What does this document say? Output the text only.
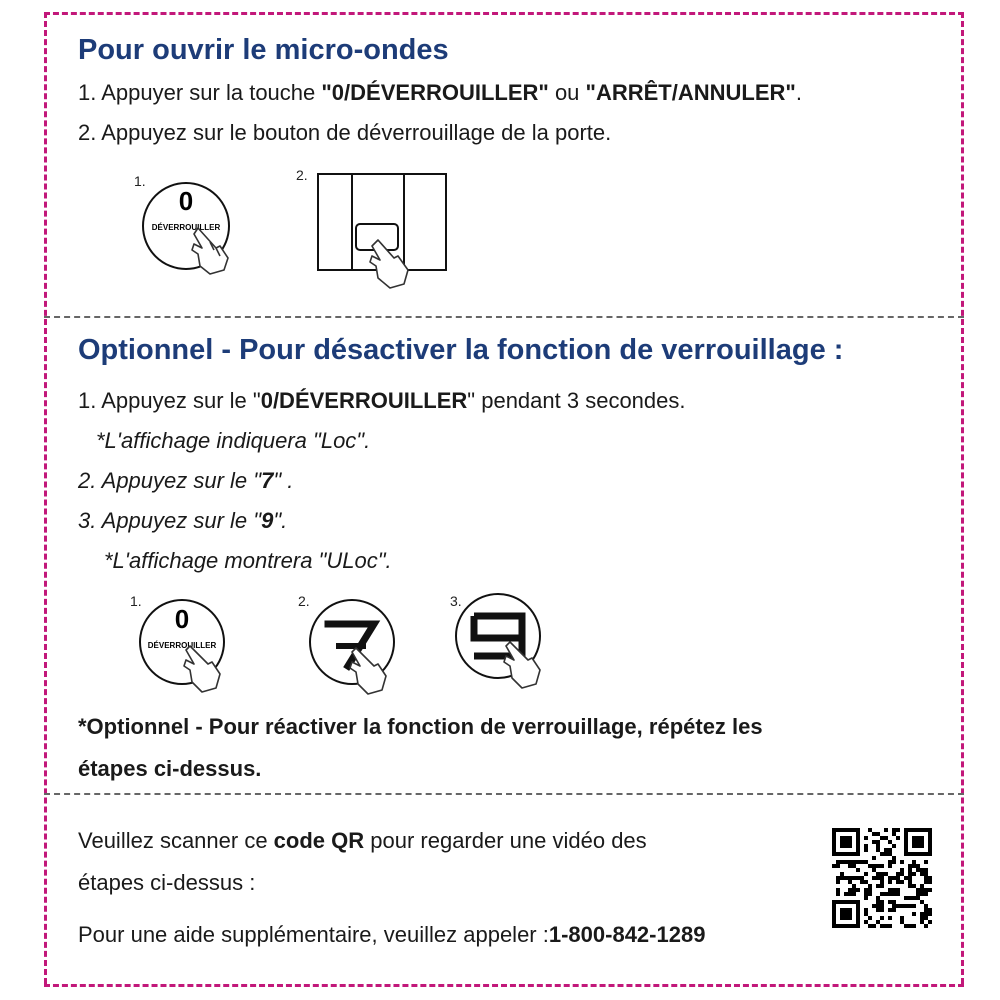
Pour ouvrir le micro-ondes
1. Appuyer sur la touche "0/DÉVERROUILLER" ou "ARRÊT/ANNULER".
2. Appuyez sur le bouton de déverrouillage de la porte.
1.
0
DÉVERROUILLER
2.
Optionnel - Pour désactiver la fonction de verrouillage :
1. Appuyez sur le "0/DÉVERROUILLER" pendant 3 secondes.
*L'affichage indiquera "Loc".
2. Appuyez sur le "7" .
3. Appuyez sur le "9".
*L'affichage montrera "ULoc".
1.
0
DÉVERROUILLER
2.	3.
*Optionnel - Pour réactiver la fonction de verrouillage, répétez les
étapes ci-dessus.
Veuillez scanner ce code QR pour regarder une vidéo des
étapes ci-dessus :
Pour une aide supplémentaire, veuillez appeler :1-800-842-1289
